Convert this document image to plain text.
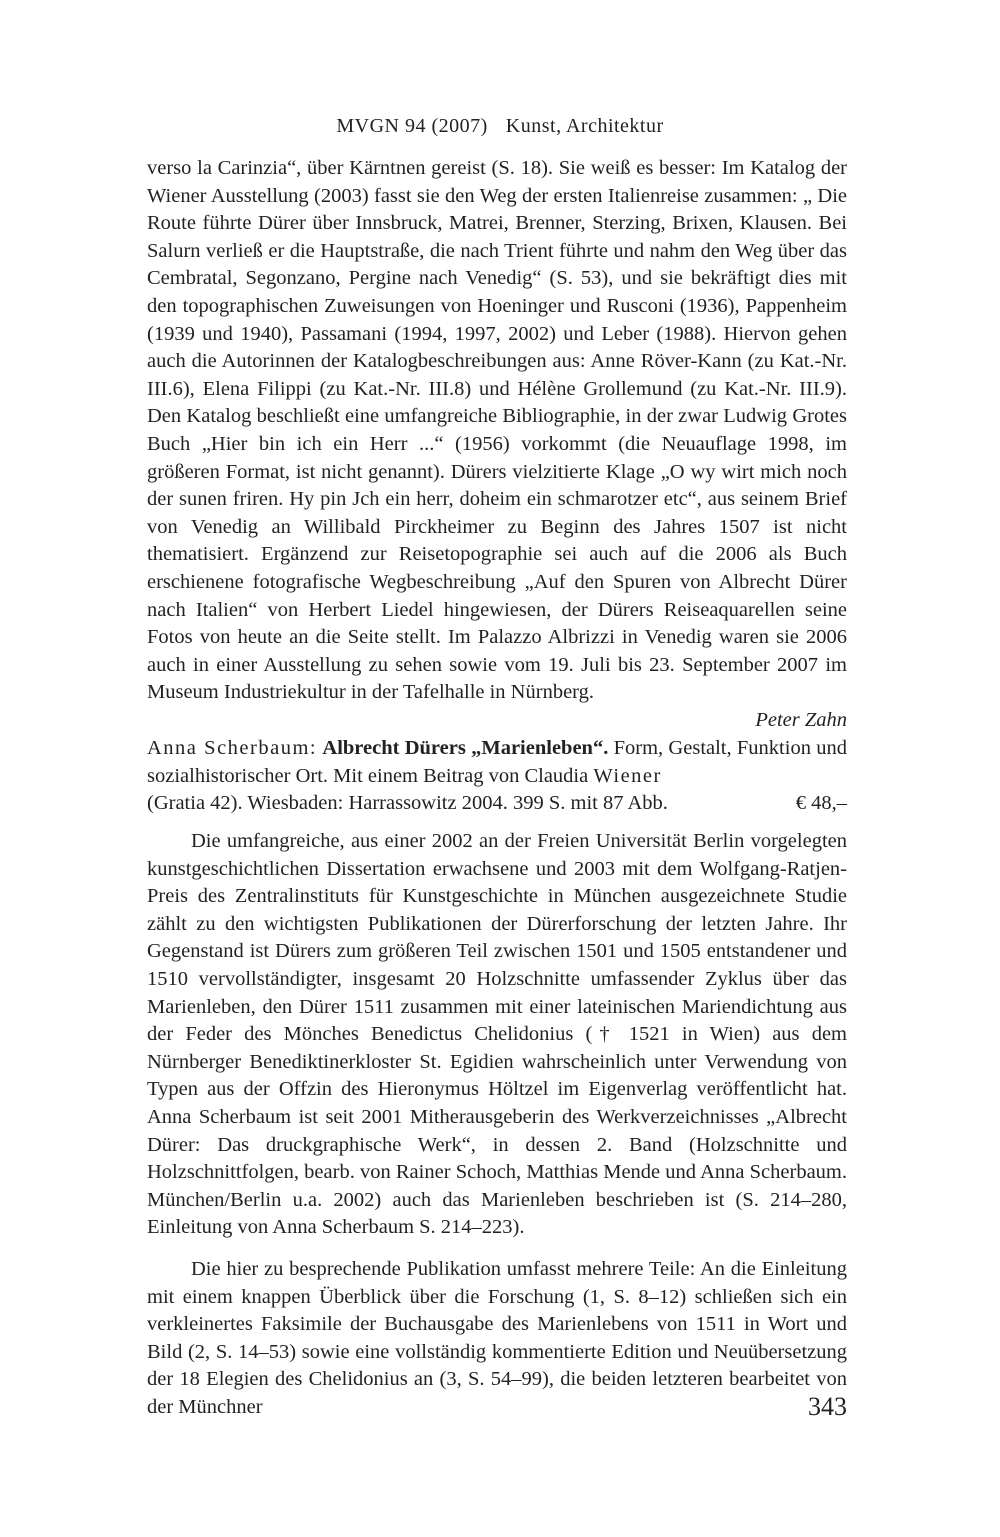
MVGN 94 (2007) Kunst, Architektur

verso la Carinzia“, über Kärntnen gereist (S. 18). Sie weiß es besser: Im Katalog der Wiener Ausstellung (2003) fasst sie den Weg der ersten Italienreise zusammen: „ Die Route führte Dürer über Innsbruck, Matrei, Brenner, Sterzing, Brixen, Klausen. Bei Salurn verließ er die Hauptstraße, die nach Trient führte und nahm den Weg über das Cembratal, Segonzano, Pergine nach Venedig“ (S. 53), und sie bekräftigt dies mit den topographischen Zuweisungen von Hoeninger und Rusconi (1936), Pappenheim (1939 und 1940), Passamani (1994, 1997, 2002) und Leber (1988). Hiervon gehen auch die Autorinnen der Katalogbeschreibungen aus: Anne Röver-Kann (zu Kat.-Nr. III.6), Elena Filippi (zu Kat.-Nr. III.8) und Hélène Grollemund (zu Kat.-Nr. III.9). Den Katalog beschließt eine umfangreiche Bibliographie, in der zwar Ludwig Grotes Buch „Hier bin ich ein Herr ...“ (1956) vorkommt (die Neuauflage 1998, im größeren Format, ist nicht genannt). Dürers vielzitierte Klage „O wy wirt mich noch der sunen friren. Hy pin Jch ein herr, doheim ein schmarotzer etc“, aus seinem Brief von Venedig an Willibald Pirckheimer zu Beginn des Jahres 1507 ist nicht thematisiert. Ergänzend zur Reisetopographie sei auch auf die 2006 als Buch erschienene fotografische Wegbeschreibung „Auf den Spuren von Albrecht Dürer nach Italien“ von Herbert Liedel hingewiesen, der Dürers Reiseaquarellen seine Fotos von heute an die Seite stellt. Im Palazzo Albrizzi in Venedig waren sie 2006 auch in einer Ausstellung zu sehen sowie vom 19. Juli bis 23. September 2007 im Museum Industriekultur in der Tafelhalle in Nürnberg.

Peter Zahn

Anna Scherbaum: Albrecht Dürers „Marienleben“. Form, Gestalt, Funktion und sozialhistorischer Ort. Mit einem Beitrag von Claudia Wiener

(Gratia 42). Wiesbaden: Harrassowitz 2004. 399 S. mit 87 Abb.	€ 48,–

Die umfangreiche, aus einer 2002 an der Freien Universität Berlin vorgelegten kunstgeschichtlichen Dissertation erwachsene und 2003 mit dem Wolfgang-Ratjen-Preis des Zentralinstituts für Kunstgeschichte in München ausgezeichnete Studie zählt zu den wichtigsten Publikationen der Dürerforschung der letzten Jahre. Ihr Gegenstand ist Dürers zum größeren Teil zwischen 1501 und 1505 entstandener und 1510 vervollständigter, insgesamt 20 Holzschnitte umfassender Zyklus über das Marienleben, den Dürer 1511 zusammen mit einer lateinischen Mariendichtung aus der Feder des Mönches Benedictus Chelidonius († 1521 in Wien) aus dem Nürnberger Benediktinerkloster St. Egidien wahrscheinlich unter Verwendung von Typen aus der Offzin des Hieronymus Höltzel im Eigenverlag veröffentlicht hat. Anna Scherbaum ist seit 2001 Mitherausgeberin des Werkverzeichnisses „Albrecht Dürer: Das druckgraphische Werk“, in dessen 2. Band (Holzschnitte und Holzschnittfolgen, bearb. von Rainer Schoch, Matthias Mende und Anna Scherbaum. München/Berlin u.a. 2002) auch das Marienleben beschrieben ist (S. 214–280, Einleitung von Anna Scherbaum S. 214–223).

Die hier zu besprechende Publikation umfasst mehrere Teile: An die Einleitung mit einem knappen Überblick über die Forschung (1, S. 8–12) schließen sich ein verkleinertes Faksimile der Buchausgabe des Marienlebens von 1511 in Wort und Bild (2, S. 14–53) sowie eine vollständig kommentierte Edition und Neuübersetzung der 18 Elegien des Chelidonius an (3, S. 54–99), die beiden letzteren bearbeitet von der Münchner	343
